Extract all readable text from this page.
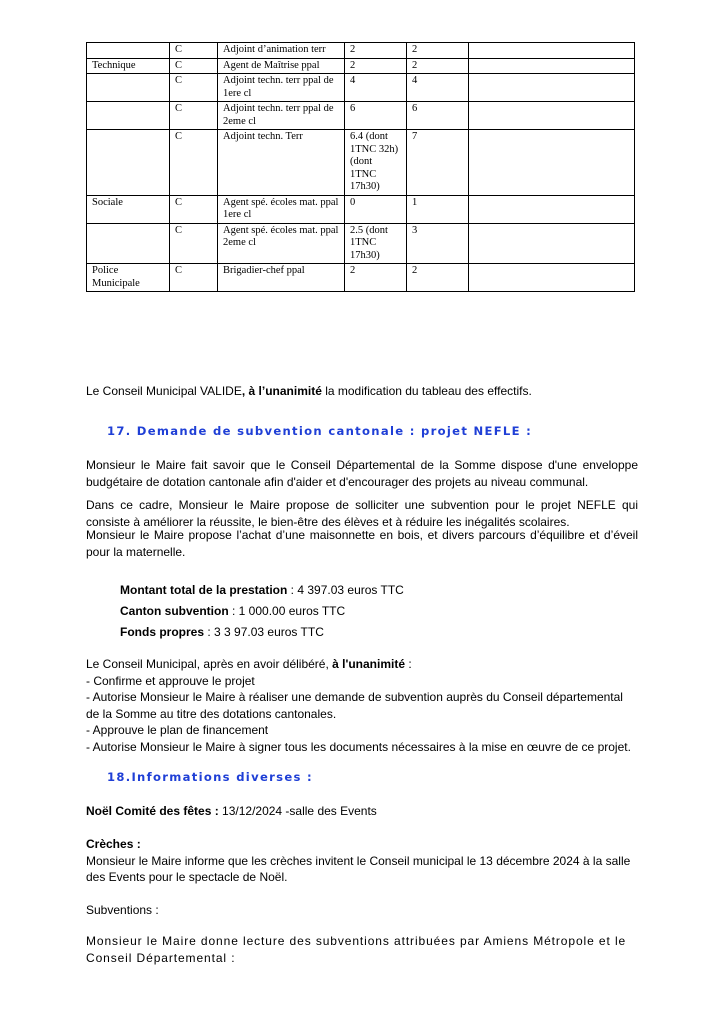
	C	Adjoint d’animation terr	2	2	
Technique	C	Agent de Maîtrise ppal	2	2	
	C	Adjoint techn. terr ppal de 1ere cl	4	4	
	C	Adjoint techn. terr ppal de 2eme cl	6	6	
	C	Adjoint techn. Terr	6.4 (dont 1TNC 32h) (dont 1TNC 17h30)	7	
Sociale	C	Agent spé. écoles mat. ppal 1ere cl	0	1	
	C	Agent spé. écoles mat. ppal 2eme cl	2.5 (dont 1TNC 17h30)	3	
Police Municipale	C	Brigadier-chef ppal	2	2	

Le Conseil Municipal VALIDE, à l’unanimité la modification du tableau des effectifs.

17. Demande de subvention cantonale : projet NEFLE :

Monsieur le Maire fait savoir que le Conseil Départemental de la Somme dispose d'une enveloppe budgétaire de dotation cantonale afin d'aider et d'encourager des projets au niveau communal.

Dans ce cadre, Monsieur le Maire propose de solliciter une subvention pour le projet NEFLE qui consiste à améliorer la réussite, le bien-être des élèves et à réduire les inégalités scolaires.

Monsieur le Maire propose l’achat d’une maisonnette en bois, et divers parcours d’équilibre et d’éveil pour la maternelle.

Montant total de la prestation : 4 397.03 euros TTC
Canton subvention : 1 000.00 euros TTC
Fonds propres : 3 3 97.03 euros TTC

Le Conseil Municipal, après en avoir délibéré, à l'unanimité :
- Confirme et approuve le projet
- Autorise Monsieur le Maire à réaliser une demande de subvention auprès du Conseil départemental de la Somme au titre des dotations cantonales.
- Approuve le plan de financement
- Autorise Monsieur le Maire à signer tous les documents nécessaires à la mise en œuvre de ce projet.

18.Informations diverses :

Noël Comité des fêtes : 13/12/2024 -salle des Events

Crèches :
Monsieur le Maire informe que les crèches invitent le Conseil municipal le 13 décembre 2024 à la salle des Events pour le spectacle de Noël.

Subventions :

Monsieur le Maire donne lecture des subventions attribuées par Amiens Métropole et le Conseil Départemental :
